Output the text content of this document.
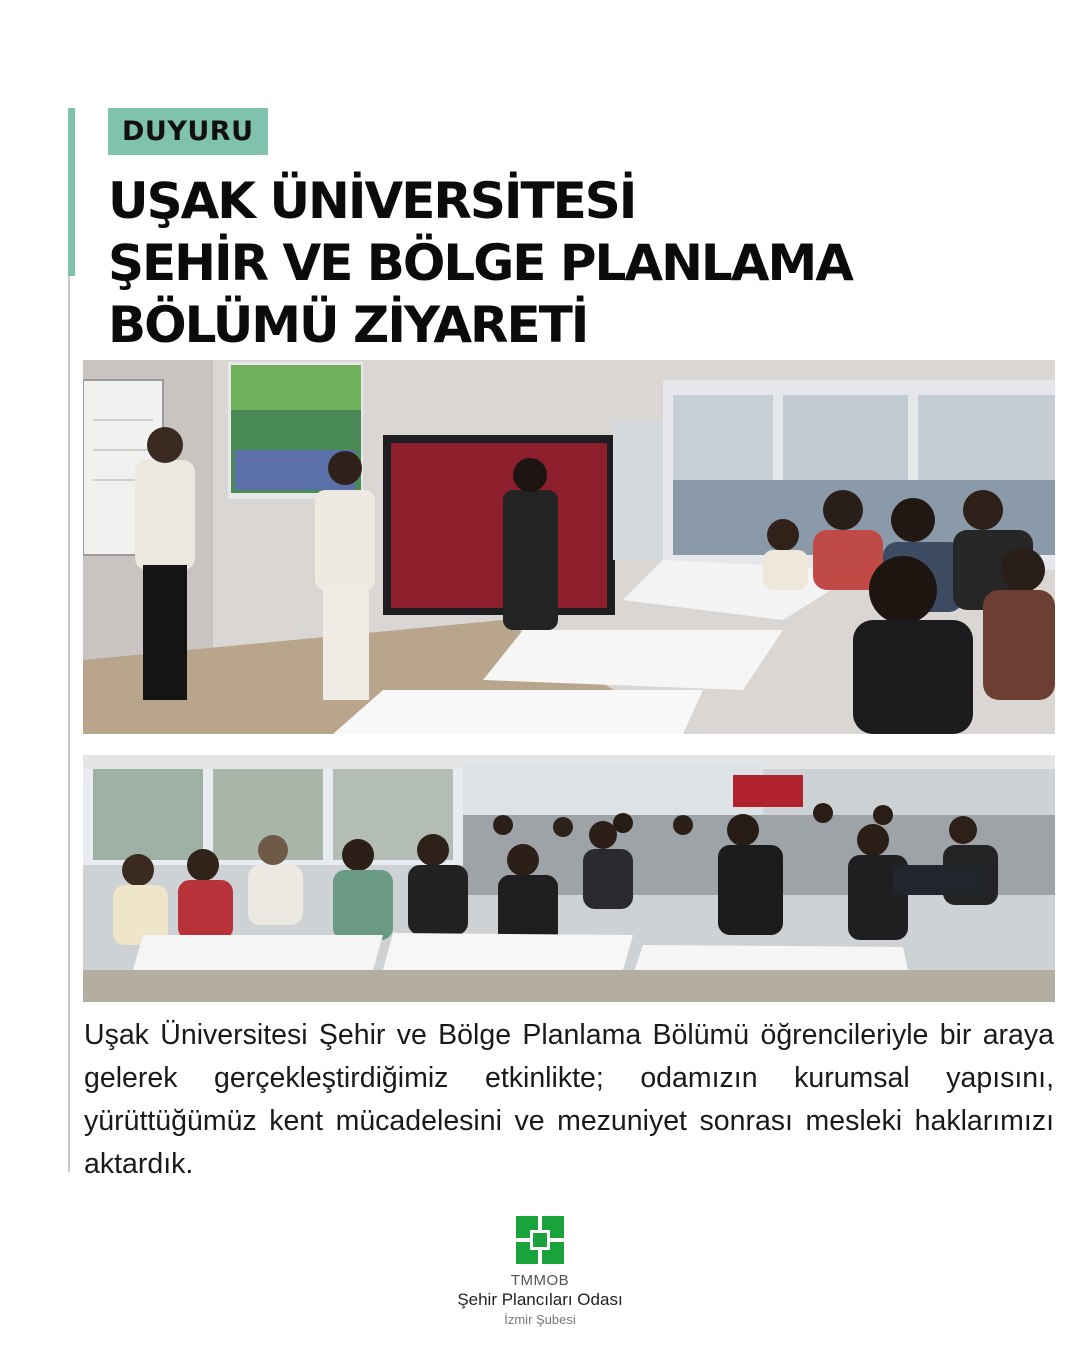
DUYURU
UŞAK ÜNİVERSİTESİ
ŞEHİR VE BÖLGE PLANLAMA
BÖLÜMÜ ZİYARETİ
Uşak Üniversitesi Şehir ve Bölge Planlama Bölümü öğrencileriyle bir araya gelerek gerçekleştirdiğimiz etkinlikte; odamızın kurumsal yapısını, yürüttüğümüz kent mücadelesini ve mezuniyet sonrası mesleki haklarımızı aktardık.
TMMOB
Şehir Plancıları Odası
İzmir Şubesi
